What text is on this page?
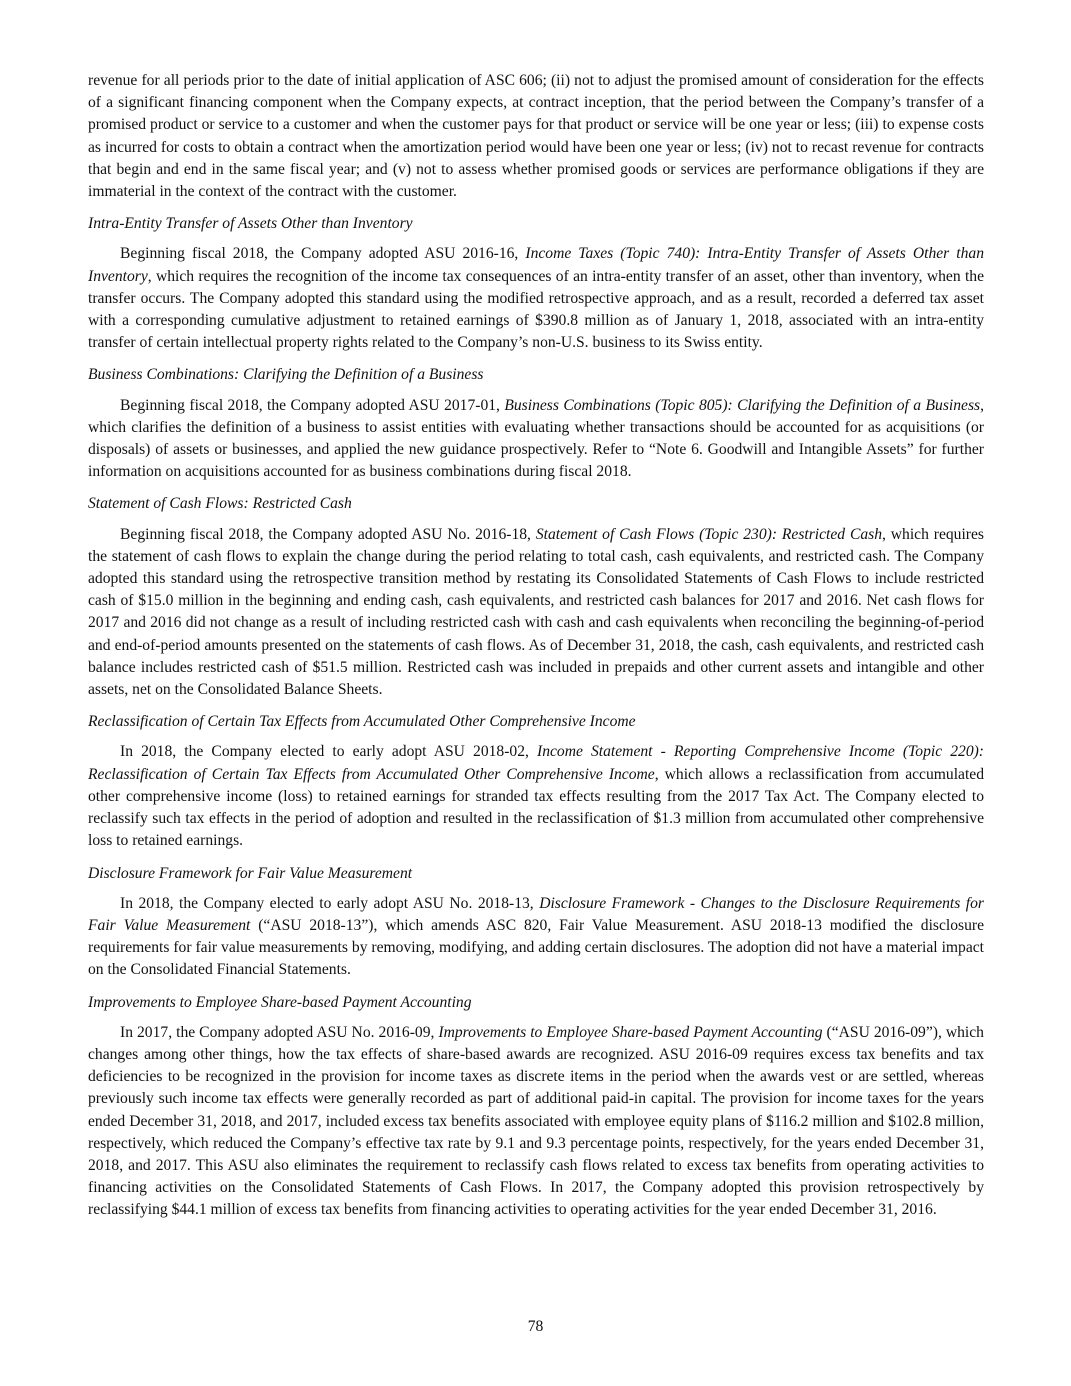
revenue for all periods prior to the date of initial application of ASC 606; (ii) not to adjust the promised amount of consideration for the effects of a significant financing component when the Company expects, at contract inception, that the period between the Company’s transfer of a promised product or service to a customer and when the customer pays for that product or service will be one year or less; (iii) to expense costs as incurred for costs to obtain a contract when the amortization period would have been one year or less; (iv) not to recast revenue for contracts that begin and end in the same fiscal year; and (v) not to assess whether promised goods or services are performance obligations if they are immaterial in the context of the contract with the customer.

Intra-Entity Transfer of Assets Other than Inventory

Beginning fiscal 2018, the Company adopted ASU 2016-16, Income Taxes (Topic 740): Intra-Entity Transfer of Assets Other than Inventory, which requires the recognition of the income tax consequences of an intra-entity transfer of an asset, other than inventory, when the transfer occurs. The Company adopted this standard using the modified retrospective approach, and as a result, recorded a deferred tax asset with a corresponding cumulative adjustment to retained earnings of $390.8 million as of January 1, 2018, associated with an intra-entity transfer of certain intellectual property rights related to the Company’s non-U.S. business to its Swiss entity.

Business Combinations: Clarifying the Definition of a Business

Beginning fiscal 2018, the Company adopted ASU 2017-01, Business Combinations (Topic 805): Clarifying the Definition of a Business, which clarifies the definition of a business to assist entities with evaluating whether transactions should be accounted for as acquisitions (or disposals) of assets or businesses, and applied the new guidance prospectively. Refer to “Note 6. Goodwill and Intangible Assets” for further information on acquisitions accounted for as business combinations during fiscal 2018.

Statement of Cash Flows: Restricted Cash

Beginning fiscal 2018, the Company adopted ASU No. 2016-18, Statement of Cash Flows (Topic 230): Restricted Cash, which requires the statement of cash flows to explain the change during the period relating to total cash, cash equivalents, and restricted cash. The Company adopted this standard using the retrospective transition method by restating its Consolidated Statements of Cash Flows to include restricted cash of $15.0 million in the beginning and ending cash, cash equivalents, and restricted cash balances for 2017 and 2016. Net cash flows for 2017 and 2016 did not change as a result of including restricted cash with cash and cash equivalents when reconciling the beginning-of-period and end-of-period amounts presented on the statements of cash flows. As of December 31, 2018, the cash, cash equivalents, and restricted cash balance includes restricted cash of $51.5 million. Restricted cash was included in prepaids and other current assets and intangible and other assets, net on the Consolidated Balance Sheets.

Reclassification of Certain Tax Effects from Accumulated Other Comprehensive Income

In 2018, the Company elected to early adopt ASU 2018-02, Income Statement - Reporting Comprehensive Income (Topic 220): Reclassification of Certain Tax Effects from Accumulated Other Comprehensive Income, which allows a reclassification from accumulated other comprehensive income (loss) to retained earnings for stranded tax effects resulting from the 2017 Tax Act. The Company elected to reclassify such tax effects in the period of adoption and resulted in the reclassification of $1.3 million from accumulated other comprehensive loss to retained earnings.

Disclosure Framework for Fair Value Measurement

In 2018, the Company elected to early adopt ASU No. 2018-13, Disclosure Framework - Changes to the Disclosure Requirements for Fair Value Measurement (“ASU 2018-13”), which amends ASC 820, Fair Value Measurement. ASU 2018-13 modified the disclosure requirements for fair value measurements by removing, modifying, and adding certain disclosures. The adoption did not have a material impact on the Consolidated Financial Statements.

Improvements to Employee Share-based Payment Accounting

In 2017, the Company adopted ASU No. 2016-09, Improvements to Employee Share-based Payment Accounting (“ASU 2016-09”), which changes among other things, how the tax effects of share-based awards are recognized. ASU 2016-09 requires excess tax benefits and tax deficiencies to be recognized in the provision for income taxes as discrete items in the period when the awards vest or are settled, whereas previously such income tax effects were generally recorded as part of additional paid-in capital. The provision for income taxes for the years ended December 31, 2018, and 2017, included excess tax benefits associated with employee equity plans of $116.2 million and $102.8 million, respectively, which reduced the Company’s effective tax rate by 9.1 and 9.3 percentage points, respectively, for the years ended December 31, 2018, and 2017. This ASU also eliminates the requirement to reclassify cash flows related to excess tax benefits from operating activities to financing activities on the Consolidated Statements of Cash Flows. In 2017, the Company adopted this provision retrospectively by reclassifying $44.1 million of excess tax benefits from financing activities to operating activities for the year ended December 31, 2016.

78
